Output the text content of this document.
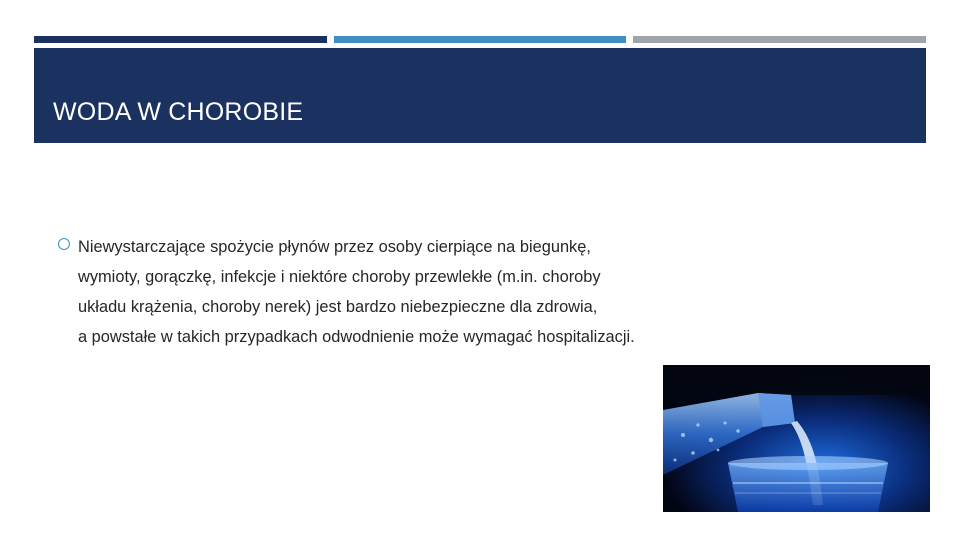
WODA W CHOROBIE
Niewystarczające spożycie płynów przez osoby cierpiące na biegunkę,
wymioty, gorączkę, infekcje i niektóre choroby przewlekłe (m.in. choroby
układu krążenia, choroby nerek) jest bardzo niebezpieczne dla zdrowia,
a powstałe w takich przypadkach odwodnienie może wymagać hospitalizacji.
